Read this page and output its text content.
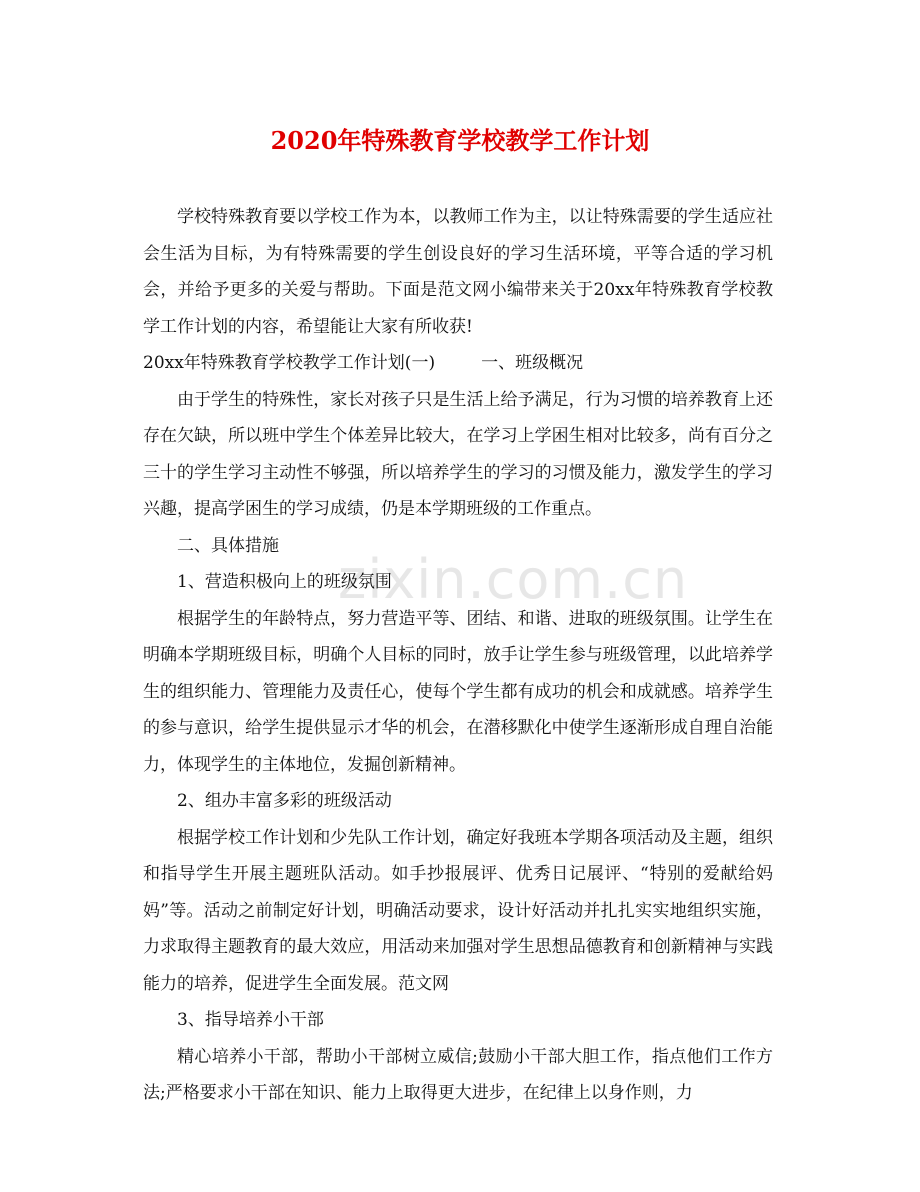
2020年特殊教育学校教学工作计划
zixin.com.cn

学校特殊教育要以学校工作为本，以教师工作为主，以让特殊需要的学生适应社会生活为目标，为有特殊需要的学生创设良好的学习生活环境，平等合适的学习机会，并给予更多的关爱与帮助。下面是范文网小编带来关于20xx年特殊教育学校教学工作计划的内容，希望能让大家有所收获!

20xx年特殊教育学校教学工作计划(一)	一、班级概况

由于学生的特殊性，家长对孩子只是生活上给予满足，行为习惯的培养教育上还存在欠缺，所以班中学生个体差异比较大，在学习上学困生相对比较多，尚有百分之三十的学生学习主动性不够强，所以培养学生的学习的习惯及能力，激发学生的学习兴趣，提高学困生的学习成绩，仍是本学期班级的工作重点。

二、具体措施

1、营造积极向上的班级氛围

根据学生的年龄特点，努力营造平等、团结、和谐、进取的班级氛围。让学生在明确本学期班级目标，明确个人目标的同时，放手让学生参与班级管理，以此培养学生的组织能力、管理能力及责任心，使每个学生都有成功的机会和成就感。培养学生的参与意识，给学生提供显示才华的机会，在潜移默化中使学生逐渐形成自理自治能力，体现学生的主体地位，发掘创新精神。

2、组办丰富多彩的班级活动

根据学校工作计划和少先队工作计划，确定好我班本学期各项活动及主题，组织和指导学生开展主题班队活动。如手抄报展评、优秀日记展评、“特别的爱献给妈妈”等。活动之前制定好计划，明确活动要求，设计好活动并扎扎实实地组织实施，力求取得主题教育的最大效应，用活动来加强对学生思想品德教育和创新精神与实践能力的培养，促进学生全面发展。范文网

3、指导培养小干部

精心培养小干部，帮助小干部树立威信;鼓励小干部大胆工作，指点他们工作方法;严格要求小干部在知识、能力上取得更大进步，在纪律上以身作则，力
